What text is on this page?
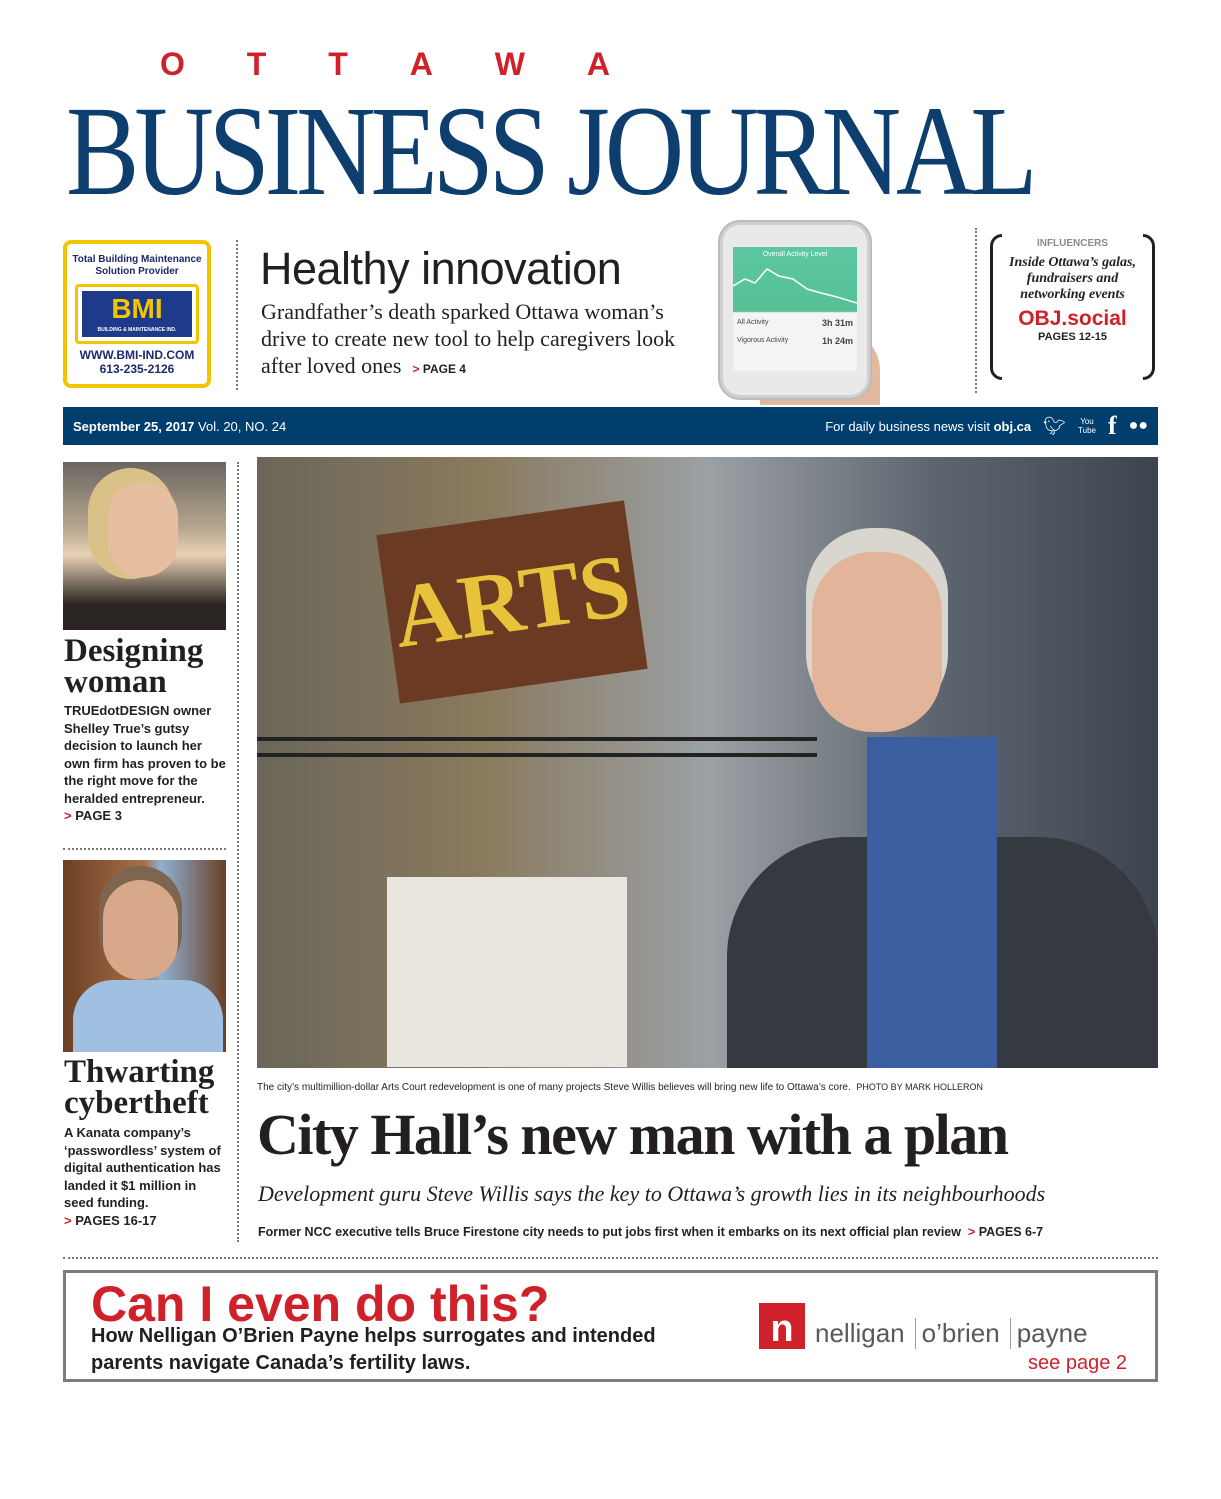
O T T A W A
BUSINESS JOURNAL
Overall Activity Level
All Activity	3h 31m
Vigorous Activity	1h 24m
Total Building Maintenance Solution Provider
BMI

BUILDING & MAINTENANCE IND.

WWW.BMI-IND.COM
613-235-2126
Healthy innovation
Grandfather’s death sparked Ottawa woman’s drive to create new tool to help caregivers look after loved ones > PAGE 4
INFLUENCERS
Inside Ottawa’s galas, fundraisers and networking events
OBJ.social
PAGES 12-15
September 25, 2017 Vol. 20, NO. 24	For daily business news visit obj.ca 🐦︎ You Tube f ●●
Designing woman
TRUEdotDESIGN owner Shelley True’s gutsy decision to launch her own firm has proven to be the right move for the heralded entrepreneur.
> PAGE 3
Thwarting cybertheft
A Kanata company’s ‘passwordless’ system of digital authentication has landed it $1 million in seed funding.
> PAGES 16-17
ARTS
The city’s multimillion-dollar Arts Court redevelopment is one of many projects Steve Willis believes will bring new life to Ottawa’s core. PHOTO BY MARK HOLLERON
City Hall’s new man with a plan
Development guru Steve Willis says the key to Ottawa’s growth lies in its neighbourhoods
Former NCC executive tells Bruce Firestone city needs to put jobs first when it embarks on its next official plan review > PAGES 6-7
Can I even do this?
How Nelligan O’Brien Payne helps surrogates and intended parents navigate Canada’s fertility laws.
n nelligan o’brien payne
see page 2
